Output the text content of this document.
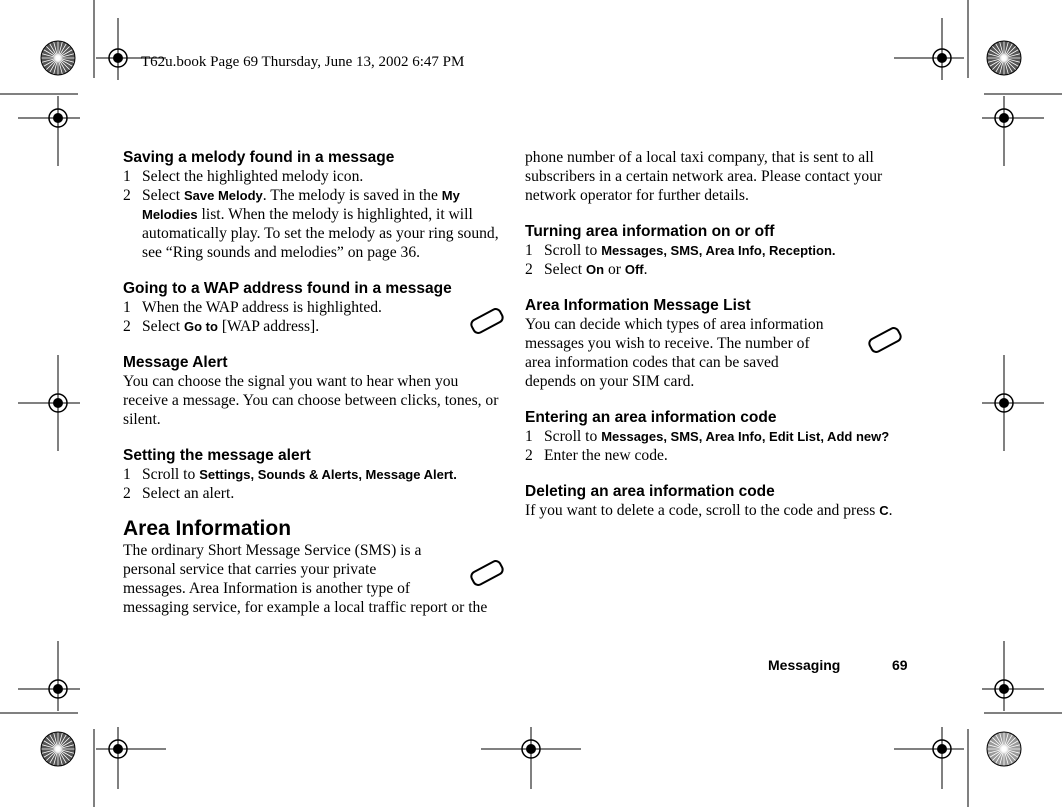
T62u.book Page 69 Thursday, June 13, 2002 6:47 PM
Saving a melody found in a message
1 Select the highlighted melody icon.
2 Select Save Melody. The melody is saved in the My Melodies list. When the melody is highlighted, it will automatically play. To set the melody as your ring sound, see “Ring sounds and melodies” on page 36.
Going to a WAP address found in a message
1 When the WAP address is highlighted.
2 Select Go to [WAP address].
Message Alert

You can choose the signal you want to hear when you receive a message. You can choose between clicks, tones, or silent.

Setting the message alert
1 Scroll to Settings, Sounds & Alerts, Message Alert.
2 Select an alert.
Area Information

The ordinary Short Message Service (SMS) is a

personal service that carries your private

messages. Area Information is another type of

messaging service, for example a local traffic report or the

phone number of a local taxi company, that is sent to all subscribers in a certain network area. Please contact your network operator for further details.

Turning area information on or off
1 Scroll to Messages, SMS, Area Info, Reception.
2 Select On or Off.
Area Information Message List

You can decide which types of area information

messages you wish to receive. The number of

area information codes that can be saved

depends on your SIM card.

Entering an area information code
1 Scroll to Messages, SMS, Area Info, Edit List, Add new?
2 Enter the new code.
Deleting an area information code

If you want to delete a code, scroll to the code and press C.

Messaging	69
